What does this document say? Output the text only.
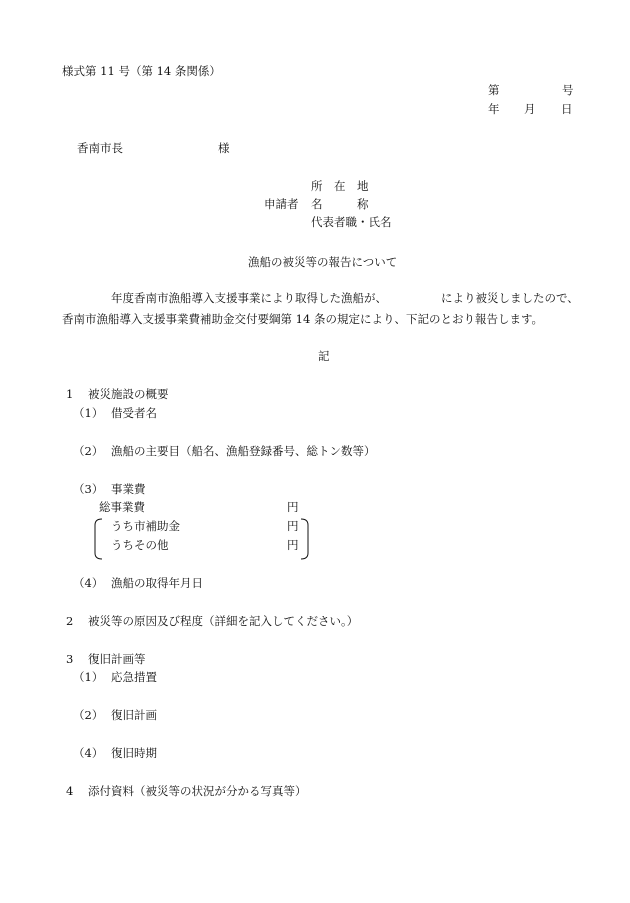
様式第 11 号（第 14 条関係）
第	号
年 月 日
香南市長	様
所　在　地
申請者 名　　　称
代表者職・氏名
漁船の被災等の報告について
年度香南市漁船導入支援事業により取得した漁船が、	により被災しましたので、
香南市漁船導入支援事業費補助金交付要綱第 14 条の規定により、下記のとおり報告します。
記
1 被災施設の概要
（1） 借受者名
（2） 漁船の主要目（船名、漁船登録番号、総トン数等）
（3） 事業費
総事業費	円
うち市補助金	円
うちその他	円
（4） 漁船の取得年月日
2 被災等の原因及び程度（詳細を記入してください。）
3 復旧計画等
（1） 応急措置
（2） 復旧計画
（4） 復旧時期
4 添付資料（被災等の状況が分かる写真等）
